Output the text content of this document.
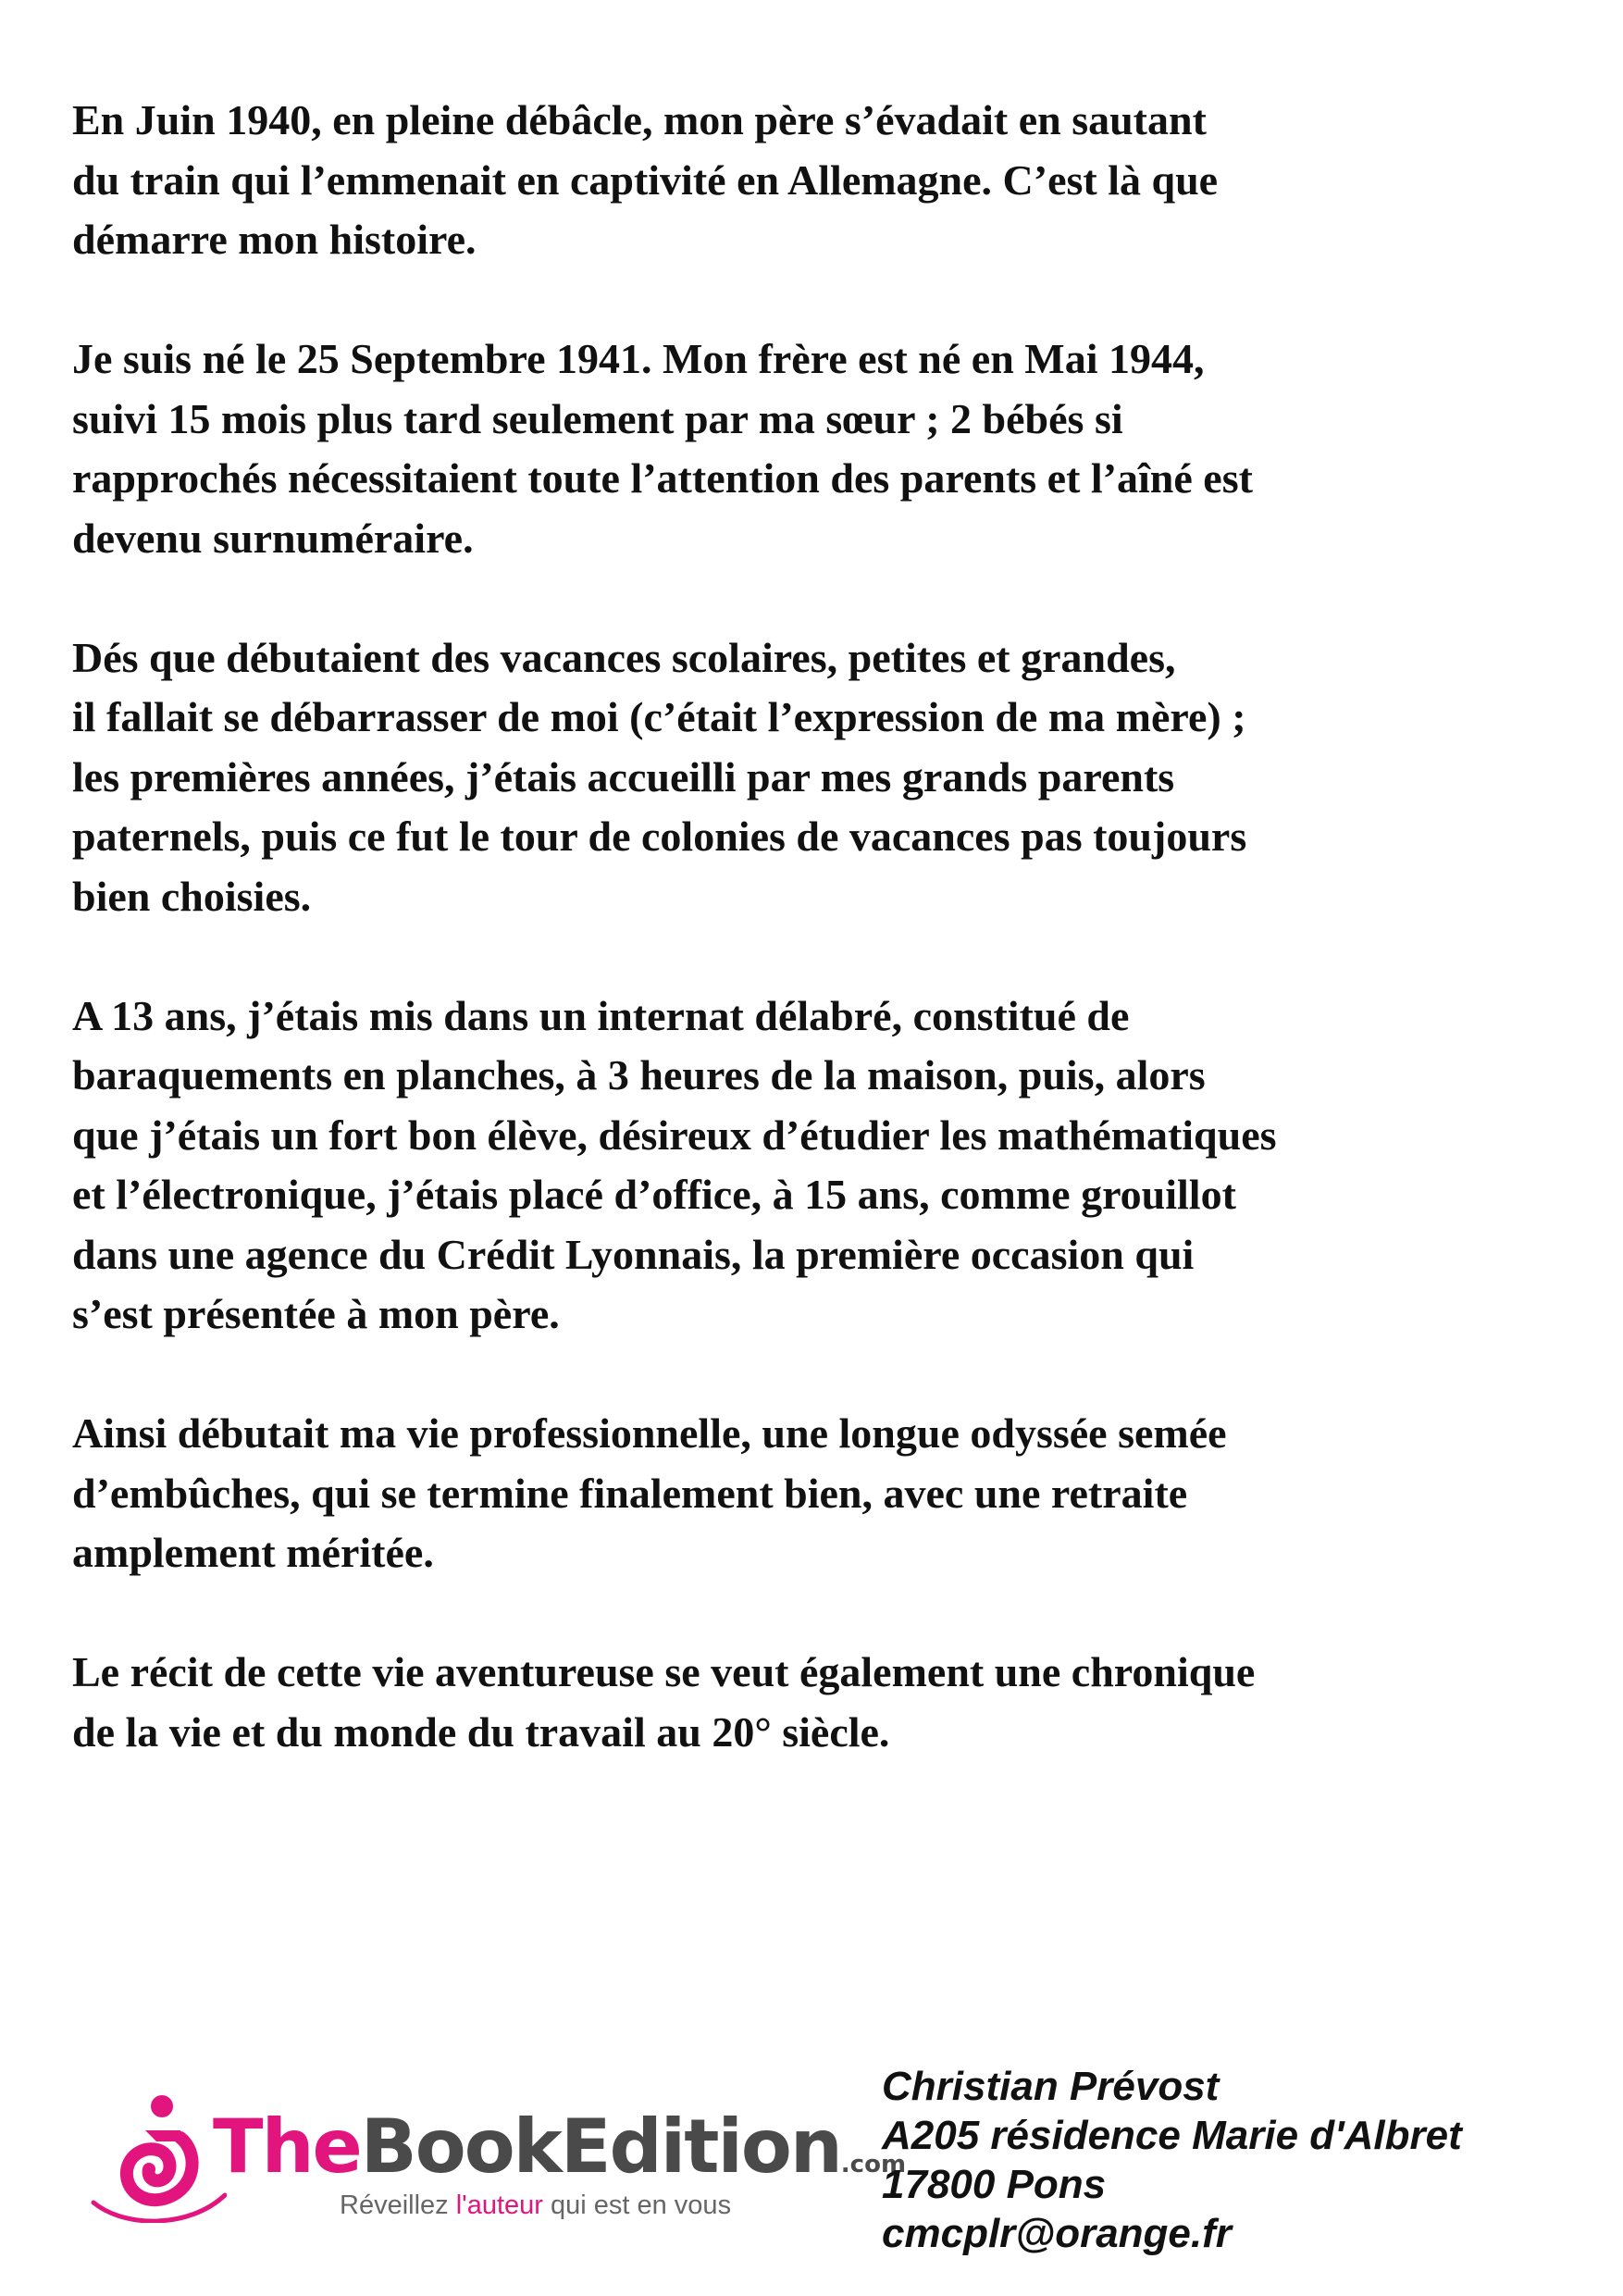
En Juin 1940, en pleine débâcle, mon père s’évadait en sautant
du train qui l’emmenait en captivité en Allemagne. C’est là que
démarre mon histoire.
Je suis né le 25 Septembre 1941. Mon frère est né en Mai 1944,
suivi 15 mois plus tard seulement par ma sœur ; 2 bébés si
rapprochés nécessitaient toute l’attention des parents et l’aîné est
devenu surnuméraire.
Dés que débutaient des vacances scolaires, petites et grandes,
il fallait se débarrasser de moi (c’était l’expression de ma mère) ;
les premières années, j’étais accueilli par mes grands parents
paternels, puis ce fut le tour de colonies de vacances pas toujours
bien choisies.
A 13 ans, j’étais mis dans un internat délabré, constitué de
baraquements en planches, à 3 heures de la maison, puis, alors
que j’étais un fort bon élève, désireux d’étudier les mathématiques
et l’électronique, j’étais placé d’office, à 15 ans, comme grouillot
dans une agence du Crédit Lyonnais, la première occasion qui
s’est présentée à mon père.
Ainsi débutait ma vie professionnelle, une longue odyssée semée
d’embûches, qui se termine finalement bien, avec une retraite
amplement méritée.
Le récit de cette vie aventureuse se veut également une chronique
de la vie et du monde du travail au 20° siècle.
TheBookEdition.com
Réveillez l'auteur qui est en vous
Christian Prévost
A205 résidence Marie d'Albret
17800 Pons
cmcplr@orange.fr
